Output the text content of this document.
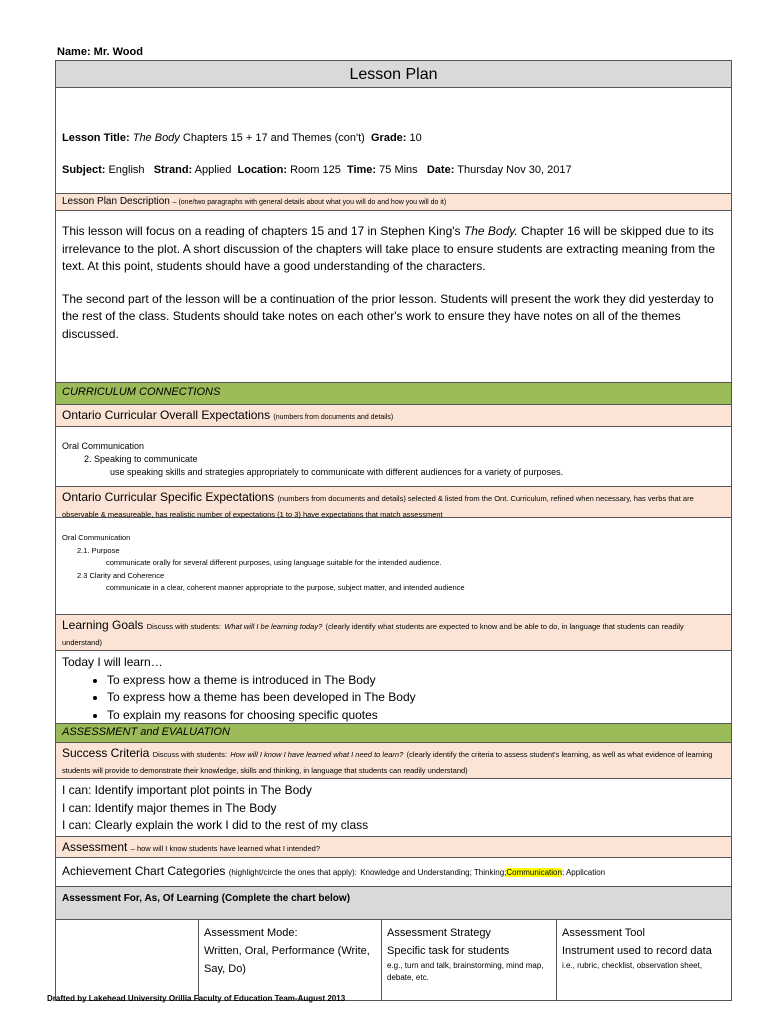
Name: Mr. Wood
Lesson Plan
Lesson Title: The Body Chapters 15 + 17 and Themes (con't) Grade: 10
Subject: English Strand: Applied Location: Room 125 Time: 75 Mins Date: Thursday Nov 30, 2017
Lesson Plan Description – (one/two paragraphs with general details about what you will do and how you will do it)

This lesson will focus on a reading of chapters 15 and 17 in Stephen King's The Body. Chapter 16 will be skipped due to its irrelevance to the plot. A short discussion of the chapters will take place to ensure students are extracting meaning from the text. At this point, students should have a good understanding of the characters.

The second part of the lesson will be a continuation of the prior lesson. Students will present the work they did yesterday to the rest of the class. Students should take notes on each other's work to ensure they have notes on all of the themes discussed.

CURRICULUM CONNECTIONS
Ontario Curricular Overall Expectations (numbers from documents and details)
Oral Communication
2. Speaking to communicate
use speaking skills and strategies appropriately to communicate with different audiences for a variety of purposes.
Ontario Curricular Specific Expectations (numbers from documents and details) selected & listed from the Ont. Curriculum, refined when necessary, has verbs that are observable & measureable, has realistic number of expectations (1 to 3) have expectations that match assessment
Oral Communication
2.1. Purpose
communicate orally for several different purposes, using language suitable for the intended audience.
2.3 Clarity and Coherence
communicate in a clear, coherent manner appropriate to the purpose, subject matter, and intended audience
Learning Goals Discuss with students: What will I be learning today? (clearly identify what students are expected to know and be able to do, in language that students can readily understand)
Today I will learn…
• To express how a theme is introduced in The Body
• To express how a theme has been developed in The Body
• To explain my reasons for choosing specific quotes
ASSESSMENT and EVALUATION
Success Criteria Discuss with students: How will I know I have learned what I need to learn? (clearly identify the criteria to assess student's learning, as well as what evidence of learning students will provide to demonstrate their knowledge, skills and thinking, in language that students can readily understand)
I can: Identify important plot points in The Body
I can: Identify major themes in The Body
I can: Clearly explain the work I did to the rest of my class
Assessment – how will I know students have learned what I intended?
Achievement Chart Categories (highlight/circle the ones that apply): Knowledge and Understanding; Thinking;Communication; Application
Assessment For, As, Of Learning (Complete the chart below)
Assessment Mode:
Written, Oral, Performance (Write, Say, Do)
Assessment Strategy
Specific task for students
e.g., turn and talk, brainstorming, mind map, debate, etc.
Assessment Tool
Instrument used to record data
i.e., rubric, checklist, observation sheet,
Drafted by Lakehead University Orillia Faculty of Education Team-August 2013
